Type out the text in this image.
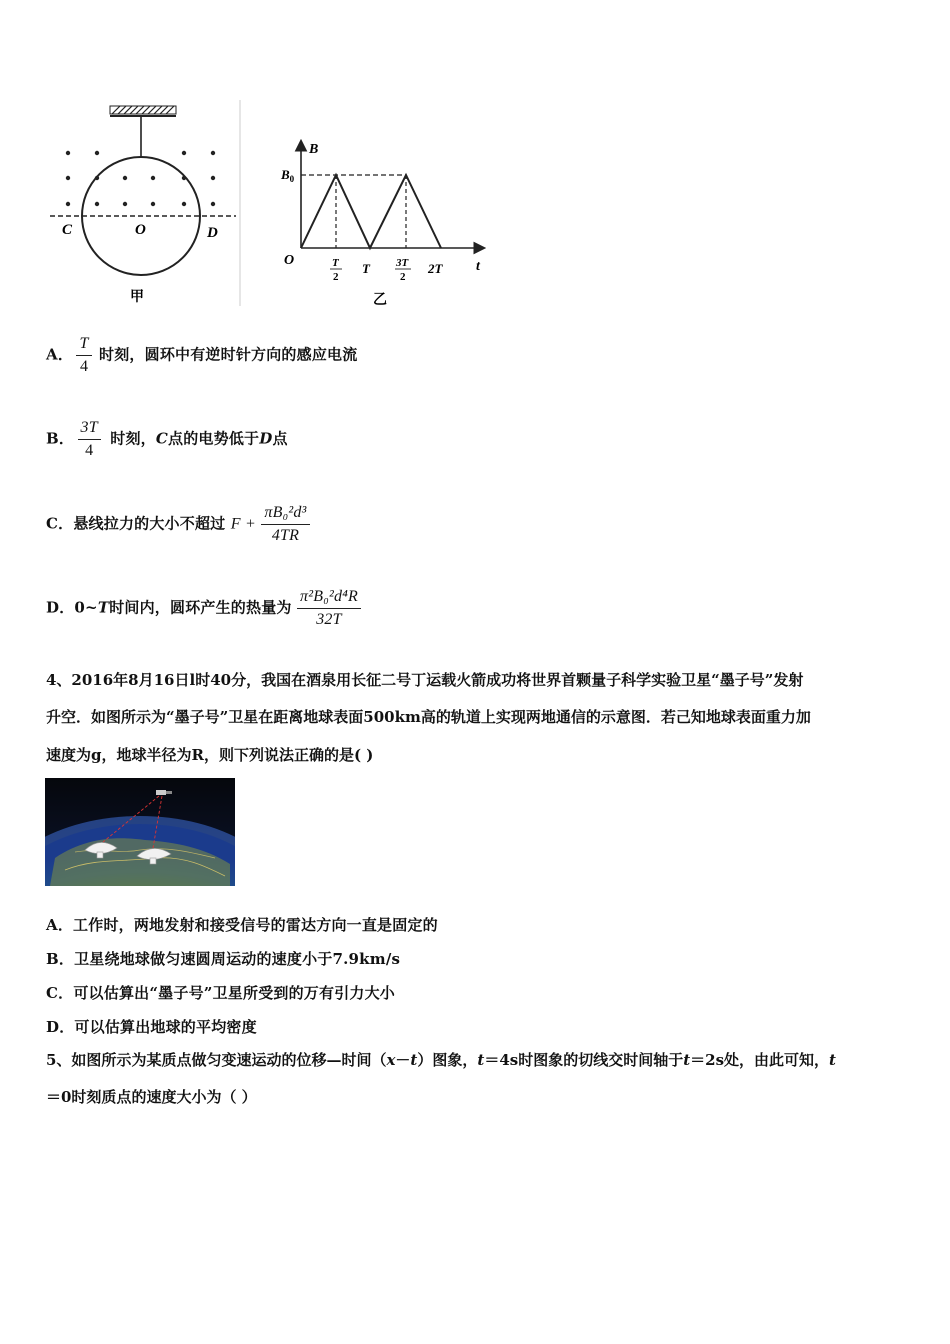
C	O	D
甲
B
t
O
$B_0$
T
2
T 3T
2
2T
乙
A． $\frac{T}{4}$ 时刻，圆环中有逆时针方向的感应电流
B． $\frac{3T}{4}$ 时刻，C点的电势低于D点
C．悬线拉力的大小不超过 $F + \frac{\text{πB₀²d³}}{4TR}$
D．0~T时间内，圆环产生的热量为 $\frac{\text{π²B₀²d⁴R}}{32T}$
4、2016年8月16日l时40分，我国在酒泉用长征二号丁运载火箭成功将世界首颗量子科学实验卫星“墨子号”发射
升空．如图所示为“墨子号”卫星在距离地球表面500km高的轨道上实现两地通信的示意图．若己知地球表面重力加
速度为g，地球半径为R，则下列说法正确的是( )
A．工作时，两地发射和接受信号的雷达方向一直是固定的
B．卫星绕地球做匀速圆周运动的速度小于7.9km/s
C．可以估算出“墨子号”卫星所受到的万有引力大小
D．可以估算出地球的平均密度
5、如图所示为某质点做匀变速运动的位移—时间（x－t）图象，t＝4s时图象的切线交时间轴于t＝2s处，由此可知，t
＝0时刻质点的速度大小为（ ）
